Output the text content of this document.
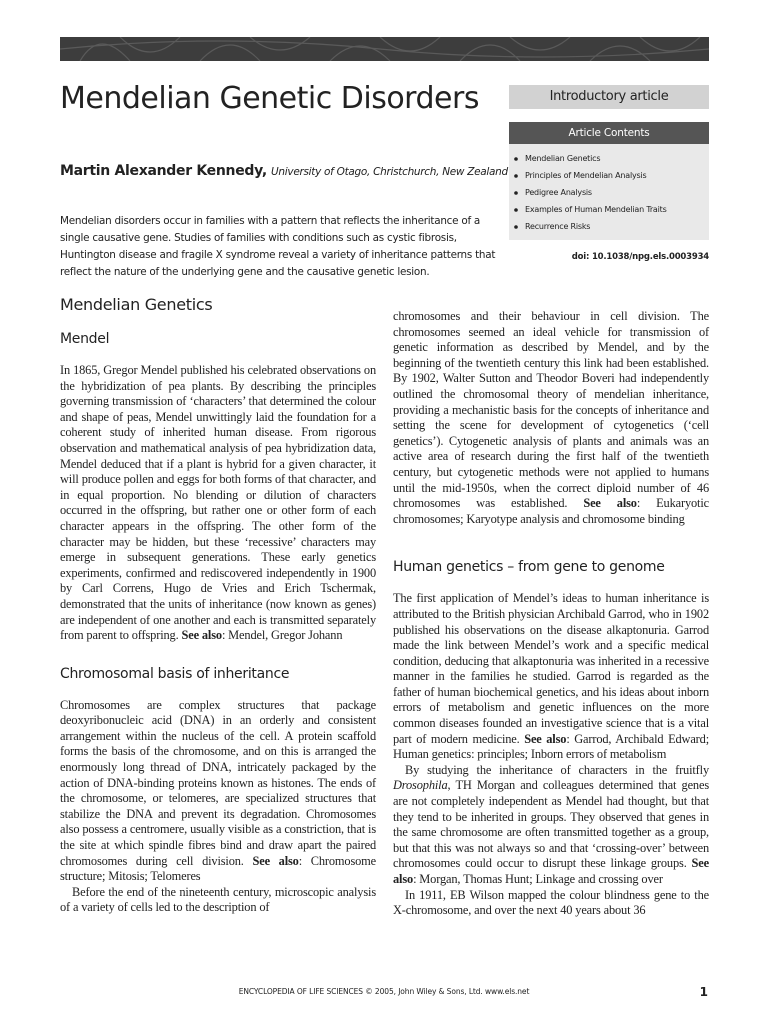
Mendelian Genetic Disorders
Martin Alexander Kennedy, University of Otago, Christchurch, New Zealand

Mendelian disorders occur in families with a pattern that reflects the inheritance of a single causative gene. Studies of families with conditions such as cystic fibrosis, Huntington disease and fragile X syndrome reveal a variety of inheritance patterns that reflect the nature of the underlying gene and the causative genetic lesion.

Introductory article
Article Contents
Mendelian Genetics
Principles of Mendelian Analysis
Pedigree Analysis
Examples of Human Mendelian Traits
Recurrence Risks
doi: 10.1038/npg.els.0003934
Mendelian Genetics
Mendel

In 1865, Gregor Mendel published his celebrated observations on the hybridization of pea plants. By describing the principles governing transmission of ‘characters’ that determined the colour and shape of peas, Mendel unwittingly laid the foundation for a coherent study of inherited human disease. From rigorous observation and mathematical analysis of pea hybridization data, Mendel deduced that if a plant is hybrid for a given character, it will produce pollen and eggs for both forms of that character, and in equal proportion. No blending or dilution of characters occurred in the offspring, but rather one or other form of each character appears in the offspring. The other form of the character may be hidden, but these ‘recessive’ characters may emerge in subsequent generations. These early genetics experiments, confirmed and rediscovered independently in 1900 by Carl Correns, Hugo de Vries and Erich Tschermak, demonstrated that the units of inheritance (now known as genes) are independent of one another and each is transmitted separately from parent to offspring. See also: Mendel, Gregor Johann

Chromosomal basis of inheritance

Chromosomes are complex structures that package deoxyribonucleic acid (DNA) in an orderly and consistent arrangement within the nucleus of the cell. A protein scaffold forms the basis of the chromosome, and on this is arranged the enormously long thread of DNA, intricately packaged by the action of DNA-binding proteins known as histones. The ends of the chromosome, or telomeres, are specialized structures that stabilize the DNA and prevent its degradation. Chromosomes also possess a centromere, usually visible as a constriction, that is the site at which spindle fibres bind and draw apart the paired chromosomes during cell division. See also: Chromosome structure; Mitosis; Telomeres

Before the end of the nineteenth century, microscopic analysis of a variety of cells led to the description of

chromosomes and their behaviour in cell division. The chromosomes seemed an ideal vehicle for transmission of genetic information as described by Mendel, and by the beginning of the twentieth century this link had been established. By 1902, Walter Sutton and Theodor Boveri had independently outlined the chromosomal theory of mendelian inheritance, providing a mechanistic basis for the concepts of inheritance and setting the scene for development of cytogenetics (‘cell genetics’). Cytogenetic analysis of plants and animals was an active area of research during the first half of the twentieth century, but cytogenetic methods were not applied to humans until the mid-1950s, when the correct diploid number of 46 chromosomes was established. See also: Eukaryotic chromosomes; Karyotype analysis and chromosome binding

Human genetics – from gene to genome

The first application of Mendel’s ideas to human inheritance is attributed to the British physician Archibald Garrod, who in 1902 published his observations on the disease alkaptonuria. Garrod made the link between Mendel’s work and a specific medical condition, deducing that alkaptonuria was inherited in a recessive manner in the families he studied. Garrod is regarded as the father of human biochemical genetics, and his ideas about inborn errors of metabolism and genetic influences on the more common diseases founded an investigative science that is a vital part of modern medicine. See also: Garrod, Archibald Edward; Human genetics: principles; Inborn errors of metabolism

By studying the inheritance of characters in the fruitfly Drosophila, TH Morgan and colleagues determined that genes are not completely independent as Mendel had thought, but that they tend to be inherited in groups. They observed that genes in the same chromosome are often transmitted together as a group, but that this was not always so and that ‘crossing-over’ between chromosomes could occur to disrupt these linkage groups. See also: Morgan, Thomas Hunt; Linkage and crossing over

In 1911, EB Wilson mapped the colour blindness gene to the X-chromosome, and over the next 40 years about 36

ENCYCLOPEDIA OF LIFE SCIENCES © 2005, John Wiley & Sons, Ltd. www.els.net	1
